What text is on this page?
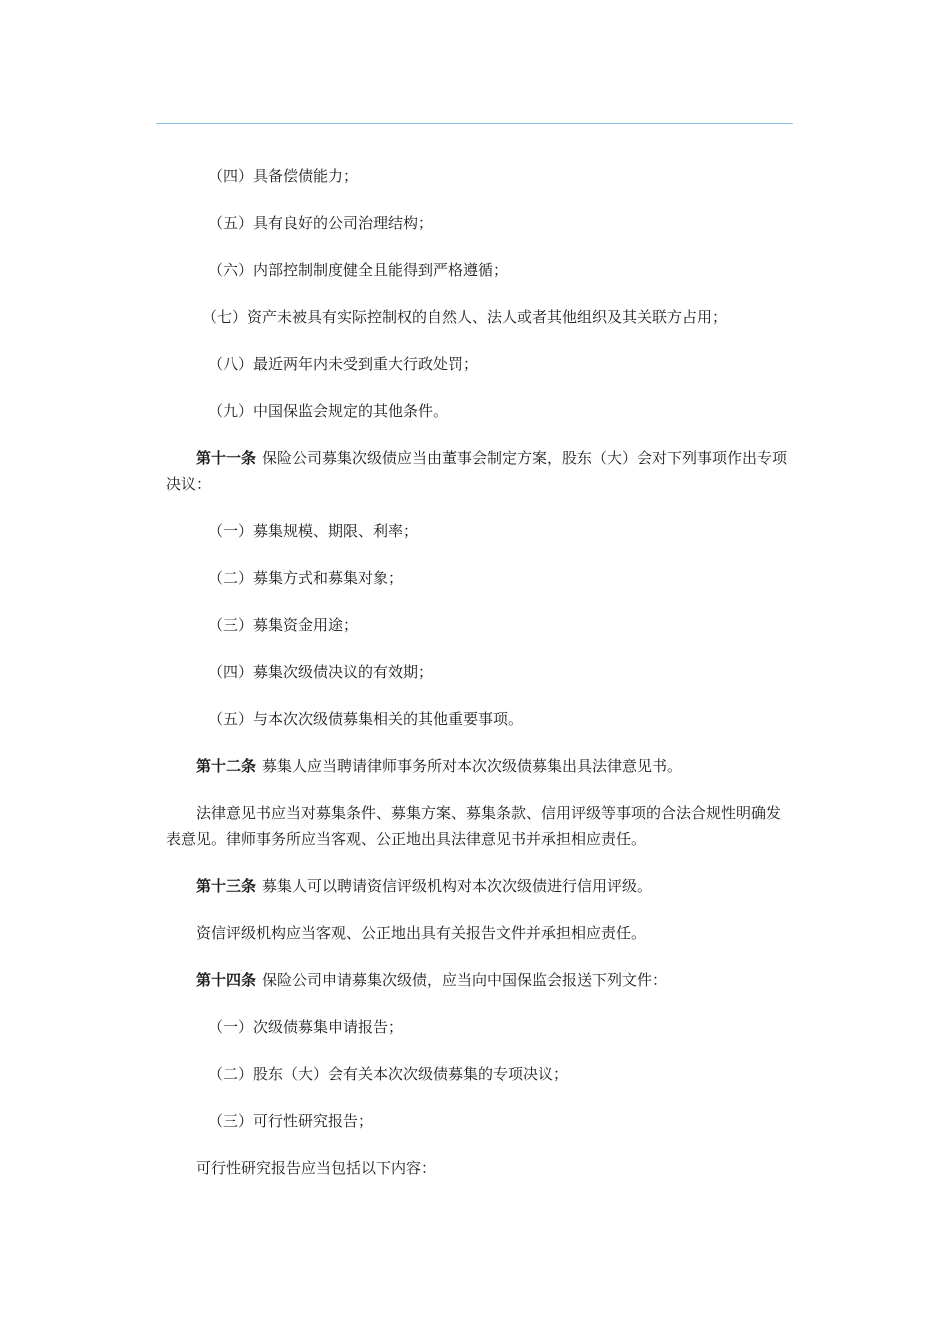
（四）具备偿债能力；

（五）具有良好的公司治理结构；

（六）内部控制制度健全且能得到严格遵循；

（七）资产未被具有实际控制权的自然人、法人或者其他组织及其关联方占用；

（八）最近两年内未受到重大行政处罚；

（九）中国保监会规定的其他条件。

第十一条 保险公司募集次级债应当由董事会制定方案，股东（大）会对下列事项作出专项决议：

（一）募集规模、期限、利率；

（二）募集方式和募集对象；

（三）募集资金用途；

（四）募集次级债决议的有效期；

（五）与本次次级债募集相关的其他重要事项。

第十二条 募集人应当聘请律师事务所对本次次级债募集出具法律意见书。

法律意见书应当对募集条件、募集方案、募集条款、信用评级等事项的合法合规性明确发表意见。律师事务所应当客观、公正地出具法律意见书并承担相应责任。

第十三条 募集人可以聘请资信评级机构对本次次级债进行信用评级。

资信评级机构应当客观、公正地出具有关报告文件并承担相应责任。

第十四条 保险公司申请募集次级债，应当向中国保监会报送下列文件：

（一）次级债募集申请报告；

（二）股东（大）会有关本次次级债募集的专项决议；

（三）可行性研究报告；

可行性研究报告应当包括以下内容：
